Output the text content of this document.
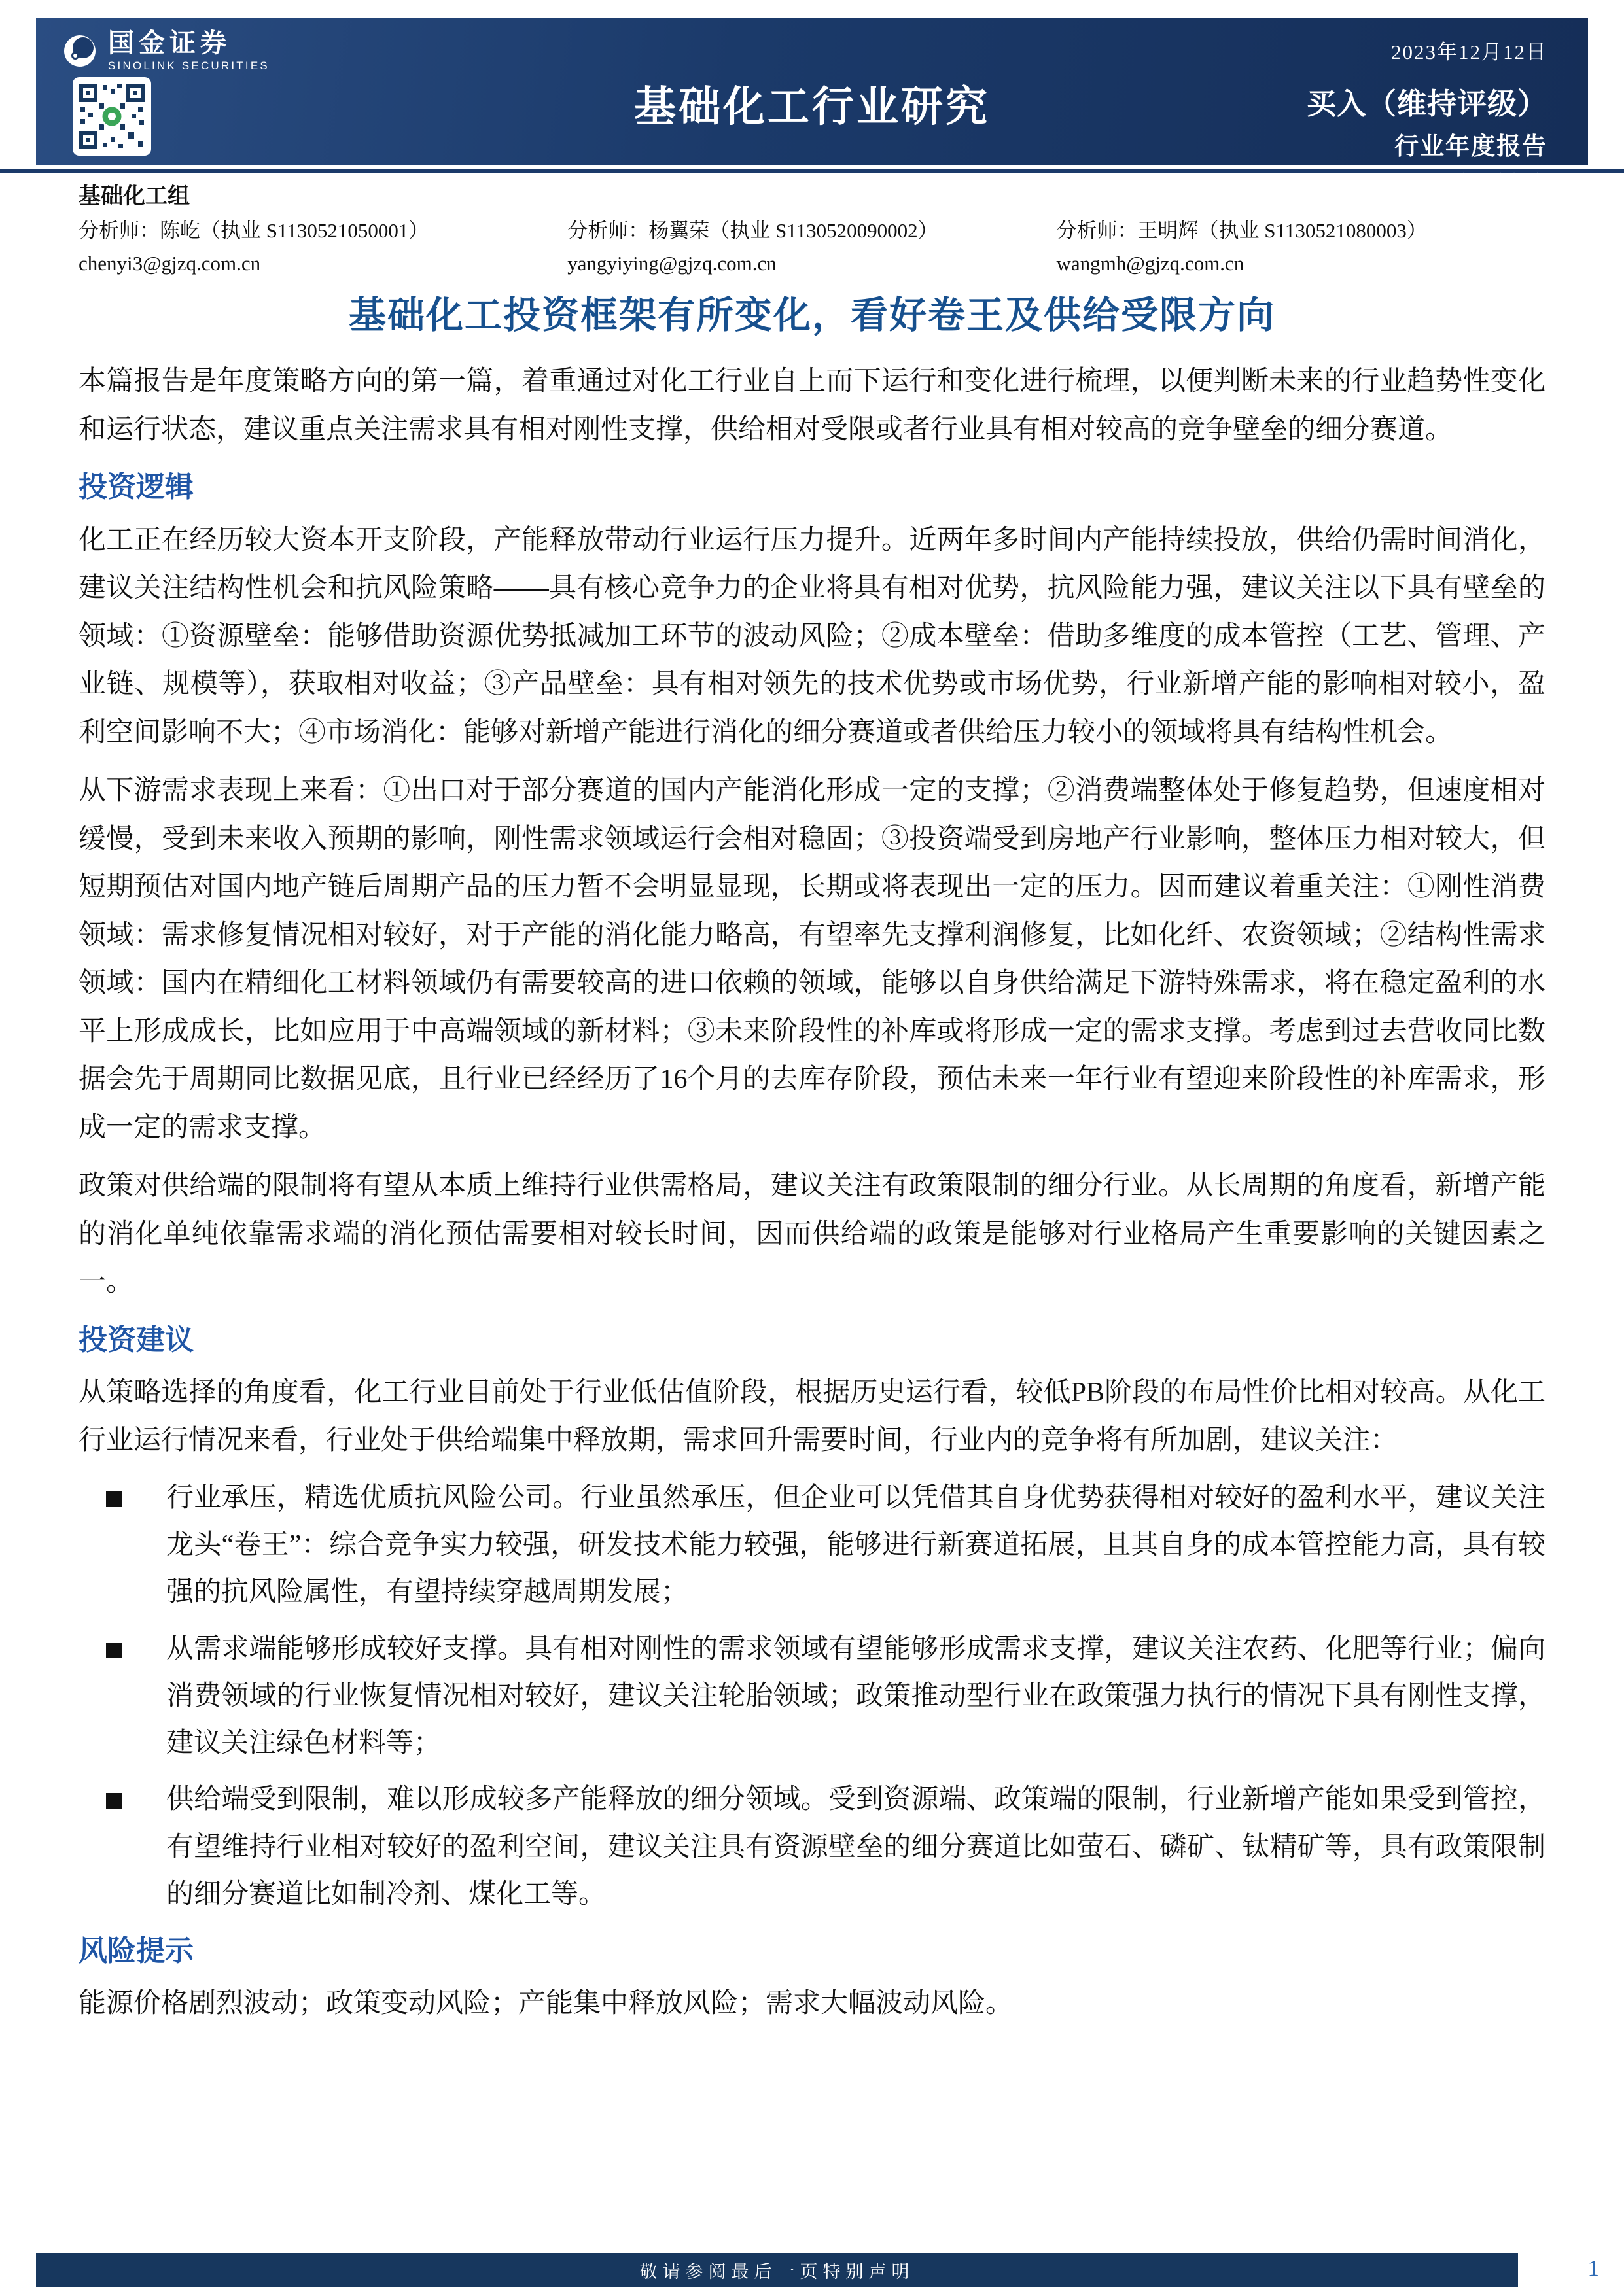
国金证券
SINOLINK SECURITIES
2023年12月12日
基础化工行业研究	买入（维持评级）
行业年度报告
证券研究报告
基础化工组
分析师：陈屹（执业 S1130521050001）
chenyi3@gjzq.com.cn
分析师：杨翼荣（执业 S1130520090002）
yangyiying@gjzq.com.cn
分析师：王明辉（执业 S1130521080003）
wangmh@gjzq.com.cn
基础化工投资框架有所变化，看好卷王及供给受限方向

本篇报告是年度策略方向的第一篇，着重通过对化工行业自上而下运行和变化进行梳理，以便判断未来的行业趋势性变化和运行状态，建议重点关注需求具有相对刚性支撑，供给相对受限或者行业具有相对较高的竞争壁垒的细分赛道。

投资逻辑

化工正在经历较大资本开支阶段，产能释放带动行业运行压力提升。近两年多时间内产能持续投放，供给仍需时间消化，建议关注结构性机会和抗风险策略——具有核心竞争力的企业将具有相对优势，抗风险能力强，建议关注以下具有壁垒的领域：①资源壁垒：能够借助资源优势抵减加工环节的波动风险；②成本壁垒：借助多维度的成本管控（工艺、管理、产业链、规模等），获取相对收益；③产品壁垒：具有相对领先的技术优势或市场优势，行业新增产能的影响相对较小，盈利空间影响不大；④市场消化：能够对新增产能进行消化的细分赛道或者供给压力较小的领域将具有结构性机会。

从下游需求表现上来看：①出口对于部分赛道的国内产能消化形成一定的支撑；②消费端整体处于修复趋势，但速度相对缓慢，受到未来收入预期的影响，刚性需求领域运行会相对稳固；③投资端受到房地产行业影响，整体压力相对较大，但短期预估对国内地产链后周期产品的压力暂不会明显显现，长期或将表现出一定的压力。因而建议着重关注：①刚性消费领域：需求修复情况相对较好，对于产能的消化能力略高，有望率先支撑利润修复，比如化纤、农资领域；②结构性需求领域：国内在精细化工材料领域仍有需要较高的进口依赖的领域，能够以自身供给满足下游特殊需求，将在稳定盈利的水平上形成成长，比如应用于中高端领域的新材料；③未来阶段性的补库或将形成一定的需求支撑。考虑到过去营收同比数据会先于周期同比数据见底，且行业已经经历了16个月的去库存阶段，预估未来一年行业有望迎来阶段性的补库需求，形成一定的需求支撑。

政策对供给端的限制将有望从本质上维持行业供需格局，建议关注有政策限制的细分行业。从长周期的角度看，新增产能的消化单纯依靠需求端的消化预估需要相对较长时间，因而供给端的政策是能够对行业格局产生重要影响的关键因素之一。

投资建议

从策略选择的角度看，化工行业目前处于行业低估值阶段，根据历史运行看，较低PB阶段的布局性价比相对较高。从化工行业运行情况来看，行业处于供给端集中释放期，需求回升需要时间，行业内的竞争将有所加剧，建议关注：

行业承压，精选优质抗风险公司。行业虽然承压，但企业可以凭借其自身优势获得相对较好的盈利水平，建议关注龙头“卷王”：综合竞争实力较强，研发技术能力较强，能够进行新赛道拓展，且其自身的成本管控能力高，具有较强的抗风险属性，有望持续穿越周期发展；

从需求端能够形成较好支撑。具有相对刚性的需求领域有望能够形成需求支撑，建议关注农药、化肥等行业；偏向消费领域的行业恢复情况相对较好，建议关注轮胎领域；政策推动型行业在政策强力执行的情况下具有刚性支撑，建议关注绿色材料等；

供给端受到限制，难以形成较多产能释放的细分领域。受到资源端、政策端的限制，行业新增产能如果受到管控，有望维持行业相对较好的盈利空间，建议关注具有资源壁垒的细分赛道比如萤石、磷矿、钛精矿等，具有政策限制的细分赛道比如制冷剂、煤化工等。

风险提示

能源价格剧烈波动；政策变动风险；产能集中释放风险；需求大幅波动风险。

敬请参阅最后一页特别声明	1
